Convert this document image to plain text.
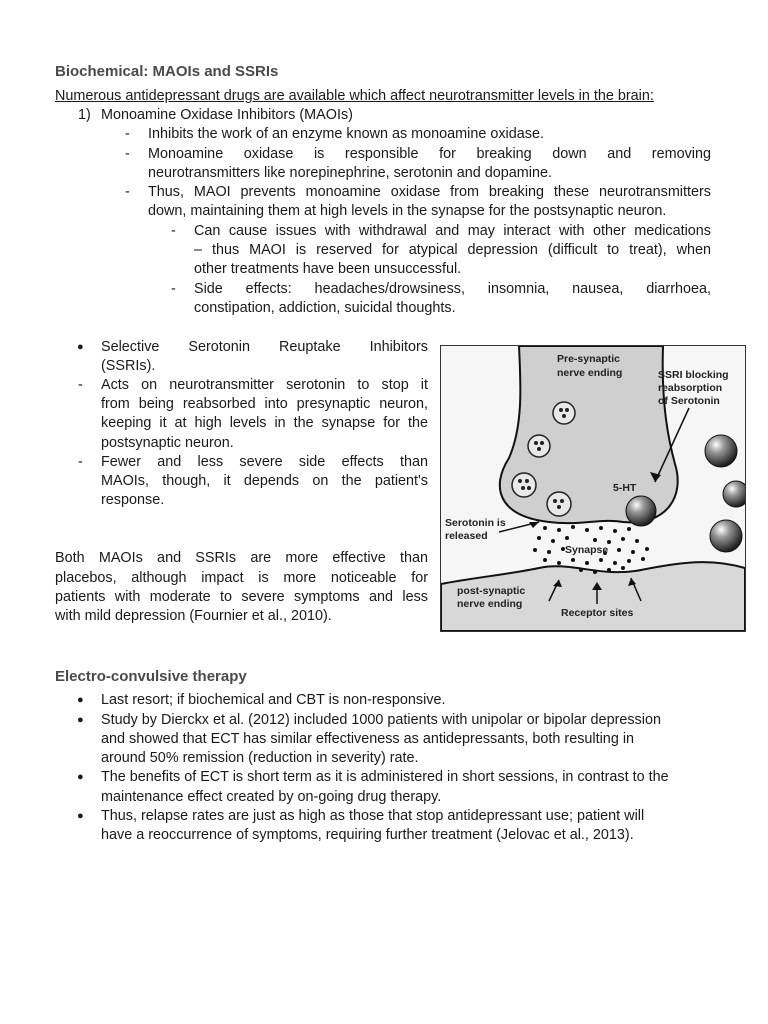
Biochemical: MAOIs and SSRIs
Numerous antidepressant drugs are available which affect neurotransmitter levels in the brain:
1) Monoamine Oxidase Inhibitors (MAOIs)
- Inhibits the work of an enzyme known as monoamine oxidase.
- Monoamine oxidase is responsible for breaking down and removing
neurotransmitters like norepinephrine, serotonin and dopamine.
- Thus, MAOI prevents monoamine oxidase from breaking these neurotransmitters
down, maintaining them at high levels in the synapse for the postsynaptic neuron.
- Can cause issues with withdrawal and may interact with other medications
– thus MAOI is reserved for atypical depression (difficult to treat), when
other treatments have been unsuccessful.
- Side effects: headaches/drowsiness, insomnia, nausea, diarrhoea,
constipation, addiction, suicidal thoughts.
● Selective Serotonin Reuptake Inhibitors
(SSRIs).
- Acts on neurotransmitter serotonin to stop it
from being reabsorbed into presynaptic neuron,
keeping it at high levels in the synapse for the
postsynaptic neuron.
- Fewer and less severe side effects than
MAOIs, though, it depends on the patient's
response.
Both MAOIs and SSRIs are more effective than
placebos, although impact is more noticeable for
patients with moderate to severe symptoms and less
with mild depression (Fournier et al., 2010).
Pre-synaptic
nerve ending	SSRI blocking
reabsorption
of Serotonin
5-HT
Serotonin is
released
Synapse
post-synaptic
nerve ending
Receptor sites
Electro-convulsive therapy
● Last resort; if biochemical and CBT is non-responsive.
● Study by Dierckx et al. (2012) included 1000 patients with unipolar or bipolar depression
and showed that ECT has similar effectiveness as antidepressants, both resulting in
around 50% remission (reduction in severity) rate.
● The benefits of ECT is short term as it is administered in short sessions, in contrast to the
maintenance effect created by on-going drug therapy.
● Thus, relapse rates are just as high as those that stop antidepressant use; patient will
have a reoccurrence of symptoms, requiring further treatment (Jelovac et al., 2013).
